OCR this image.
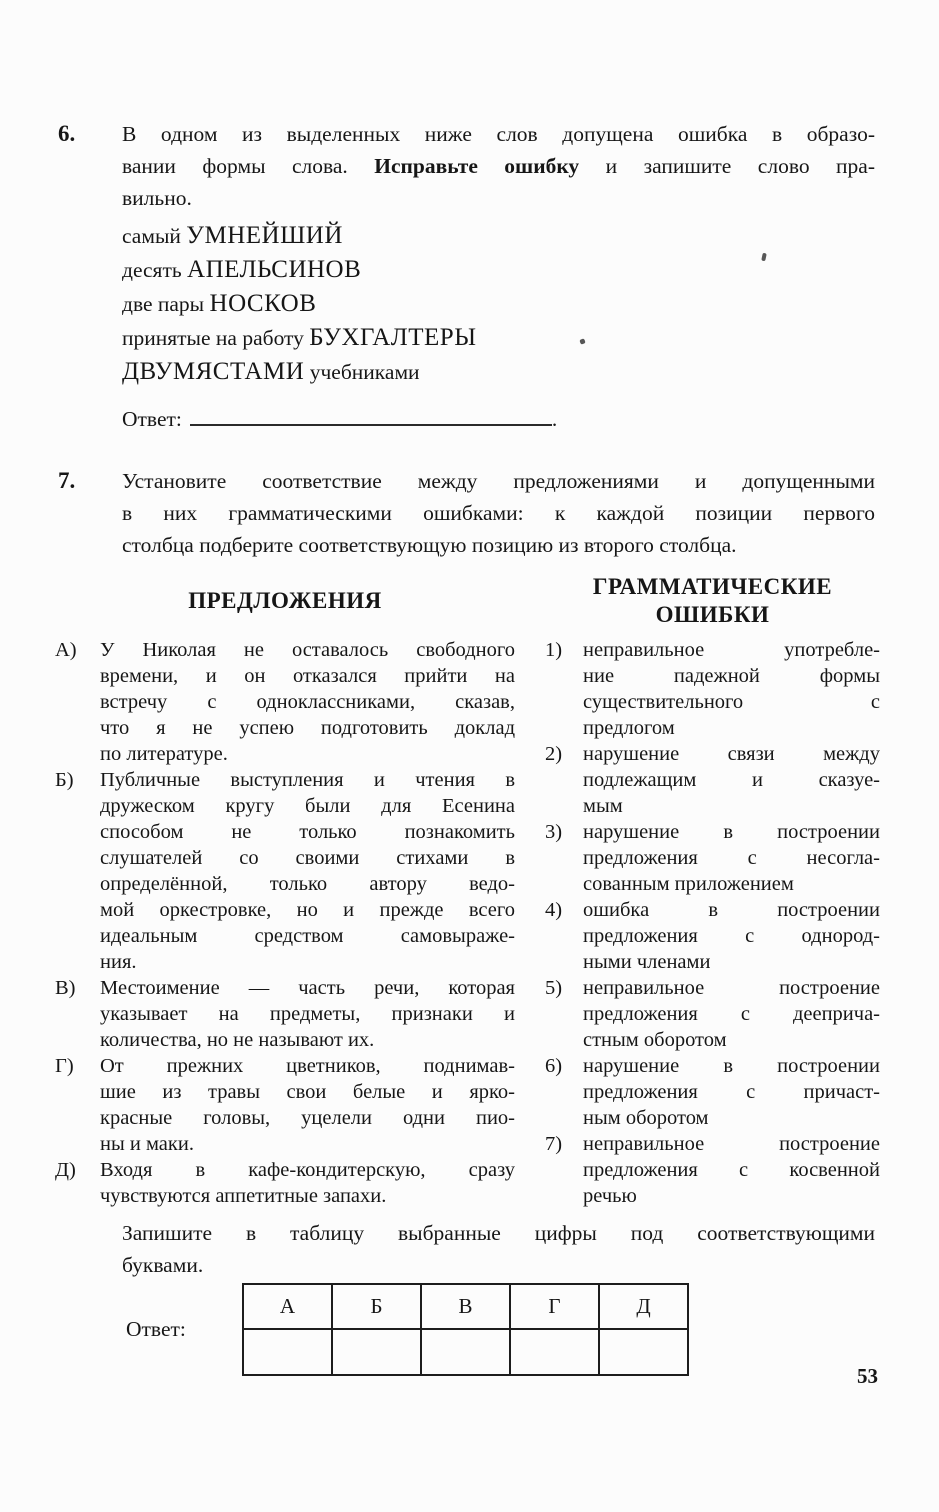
6.	В одном из выделенных ниже слов допущена ошибка в образо-
вании формы слова. Исправьте ошибку и запишите слово пра-
вильно.
самый УМНЕЙШИЙ
десять АПЕЛЬСИНОВ
две пары НОСКОВ
принятые на работу БУХГАЛТЕРЫ
ДВУМЯСТАМИ учебниками
Ответ:	.
7.	Установите соответствие между предложениями и допущенными
в них грамматическими ошибками: к каждой позиции первого
столбца подберите соответствующую позицию из второго столбца.
ПРЕДЛОЖЕНИЯ
ГРАММАТИЧЕСКИЕ
ОШИБКИ
А)	У Николая не оставалось свободного
времени, и он отказался прийти на
встречу с одноклассниками, сказав,
что я не успею подготовить доклад
по литературе.
Б)	Публичные выступления и чтения в
дружеском кругу были для Есенина
способом не только познакомить
слушателей со своими стихами в
определённой, только автору ведо-
мой оркестровке, но и прежде всего
идеальным средством самовыраже-
ния.
В)	Местоимение — часть речи, которая
указывает на предметы, признаки и
количества, но не называют их.
Г)	От прежних цветников, поднимав-
шие из травы свои белые и ярко-
красные головы, уцелели одни пио-
ны и маки.
Д)	Входя в кафе-кондитерскую, сразу
чувствуются аппетитные запахи.
1)	неправильное употребле-
ние падежной формы
существительного с
предлогом
2)	нарушение связи между
подлежащим и сказуе-
мым
3)	нарушение в построении
предложения с несогла-
сованным приложением
4)	ошибка в построении
предложения с однород-
ными членами
5)	неправильное построение
предложения с дееприча-
стным оборотом
6)	нарушение в построении
предложения с причаст-
ным оборотом
7)	неправильное построение
предложения с косвенной
речью
Запишите в таблицу выбранные цифры под соответствующими
буквами.
Ответ:
А	Б	В	Г	Д

53
